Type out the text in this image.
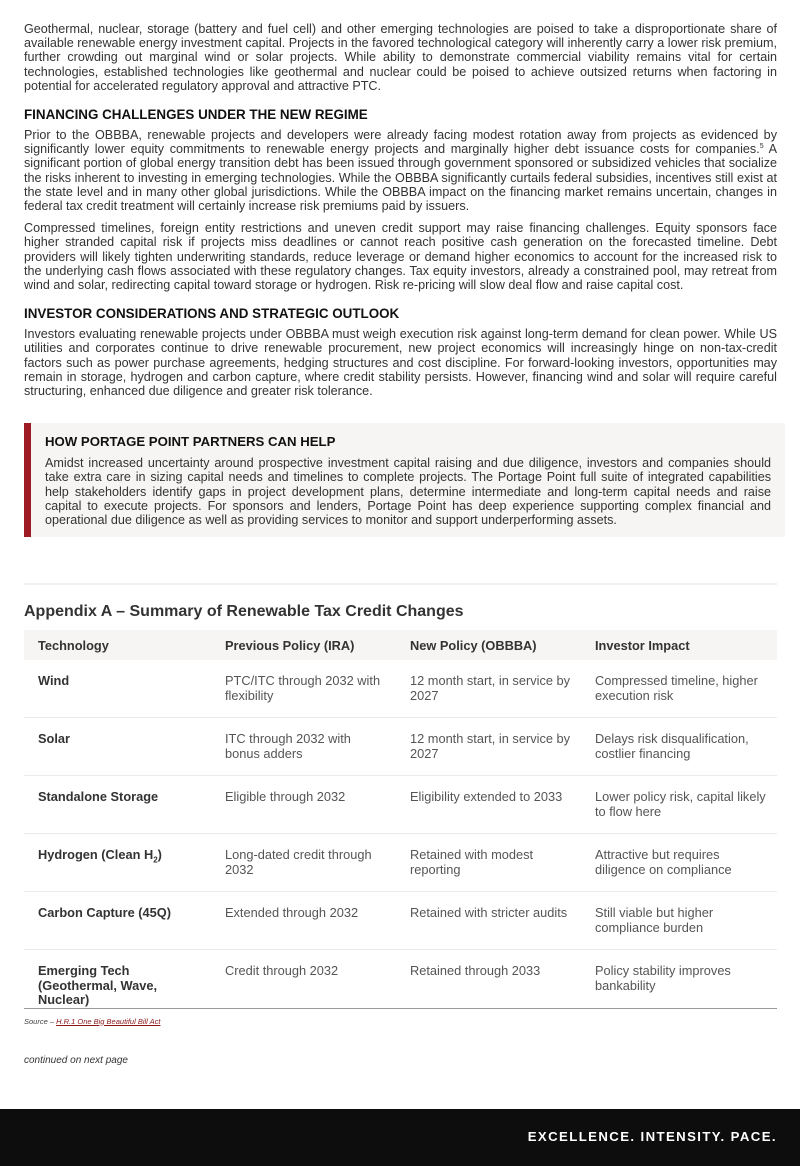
Geothermal, nuclear, storage (battery and fuel cell) and other emerging technologies are poised to take a disproportionate share of available renewable energy investment capital. Projects in the favored technological category will inherently carry a lower risk premium, further crowding out marginal wind or solar projects. While ability to demonstrate commercial viability remains vital for certain technologies, established technologies like geothermal and nuclear could be poised to achieve outsized returns when factoring in potential for accelerated regulatory approval and attractive PTC.

FINANCING CHALLENGES UNDER THE NEW REGIME

Prior to the OBBBA, renewable projects and developers were already facing modest rotation away from projects as evidenced by significantly lower equity commitments to renewable energy projects and marginally higher debt issuance costs for companies.$^5$ A significant portion of global energy transition debt has been issued through government sponsored or subsidized vehicles that socialize the risks inherent to investing in emerging technologies. While the OBBBA significantly curtails federal subsidies, incentives still exist at the state level and in many other global jurisdictions. While the OBBBA impact on the financing market remains uncertain, changes in federal tax credit treatment will certainly increase risk premiums paid by issuers.

Compressed timelines, foreign entity restrictions and uneven credit support may raise financing challenges. Equity sponsors face higher stranded capital risk if projects miss deadlines or cannot reach positive cash generation on the forecasted timeline. Debt providers will likely tighten underwriting standards, reduce leverage or demand higher economics to account for the increased risk to the underlying cash flows associated with these regulatory changes. Tax equity investors, already a constrained pool, may retreat from wind and solar, redirecting capital toward storage or hydrogen. Risk re-pricing will slow deal flow and raise capital cost.

INVESTOR CONSIDERATIONS AND STRATEGIC OUTLOOK

Investors evaluating renewable projects under OBBBA must weigh execution risk against long-term demand for clean power. While US utilities and corporates continue to drive renewable procurement, new project economics will increasingly hinge on non-tax-credit factors such as power purchase agreements, hedging structures and cost discipline. For forward-looking investors, opportunities may remain in storage, hydrogen and carbon capture, where credit stability persists. However, financing wind and solar will require careful structuring, enhanced due diligence and greater risk tolerance.

HOW PORTAGE POINT PARTNERS CAN HELP

Amidst increased uncertainty around prospective investment capital raising and due diligence, investors and companies should take extra care in sizing capital needs and timelines to complete projects. The Portage Point full suite of integrated capabilities help stakeholders identify gaps in project development plans, determine intermediate and long-term capital needs and raise capital to execute projects. For sponsors and lenders, Portage Point has deep experience supporting complex financial and operational due diligence as well as providing services to monitor and support underperforming assets.

Appendix A – Summary of Renewable Tax Credit Changes
Technology	Previous Policy (IRA)	New Policy (OBBBA)	Investor Impact
Wind	PTC/ITC through 2032 with flexibility	12 month start, in service by 2027	Compressed timeline, higher execution risk
Solar	ITC through 2032 with bonus adders	12 month start, in service by 2027	Delays risk disqualification, costlier financing
Standalone Storage	Eligible through 2032	Eligibility extended to 2033	Lower policy risk, capital likely to flow here
Hydrogen (Clean $H_2$)	Long-dated credit through 2032	Retained with modest reporting	Attractive but requires diligence on compliance
Carbon Capture (45Q)	Extended through 2032	Retained with stricter audits	Still viable but higher compliance burden
Emerging Tech (Geothermal, Wave, Nuclear)	Credit through 2032	Retained through 2033	Policy stability improves bankability
Source – H.R.1 One Big Beautiful Bill Act
continued on next page
EXCELLENCE. INTENSITY. PACE.
